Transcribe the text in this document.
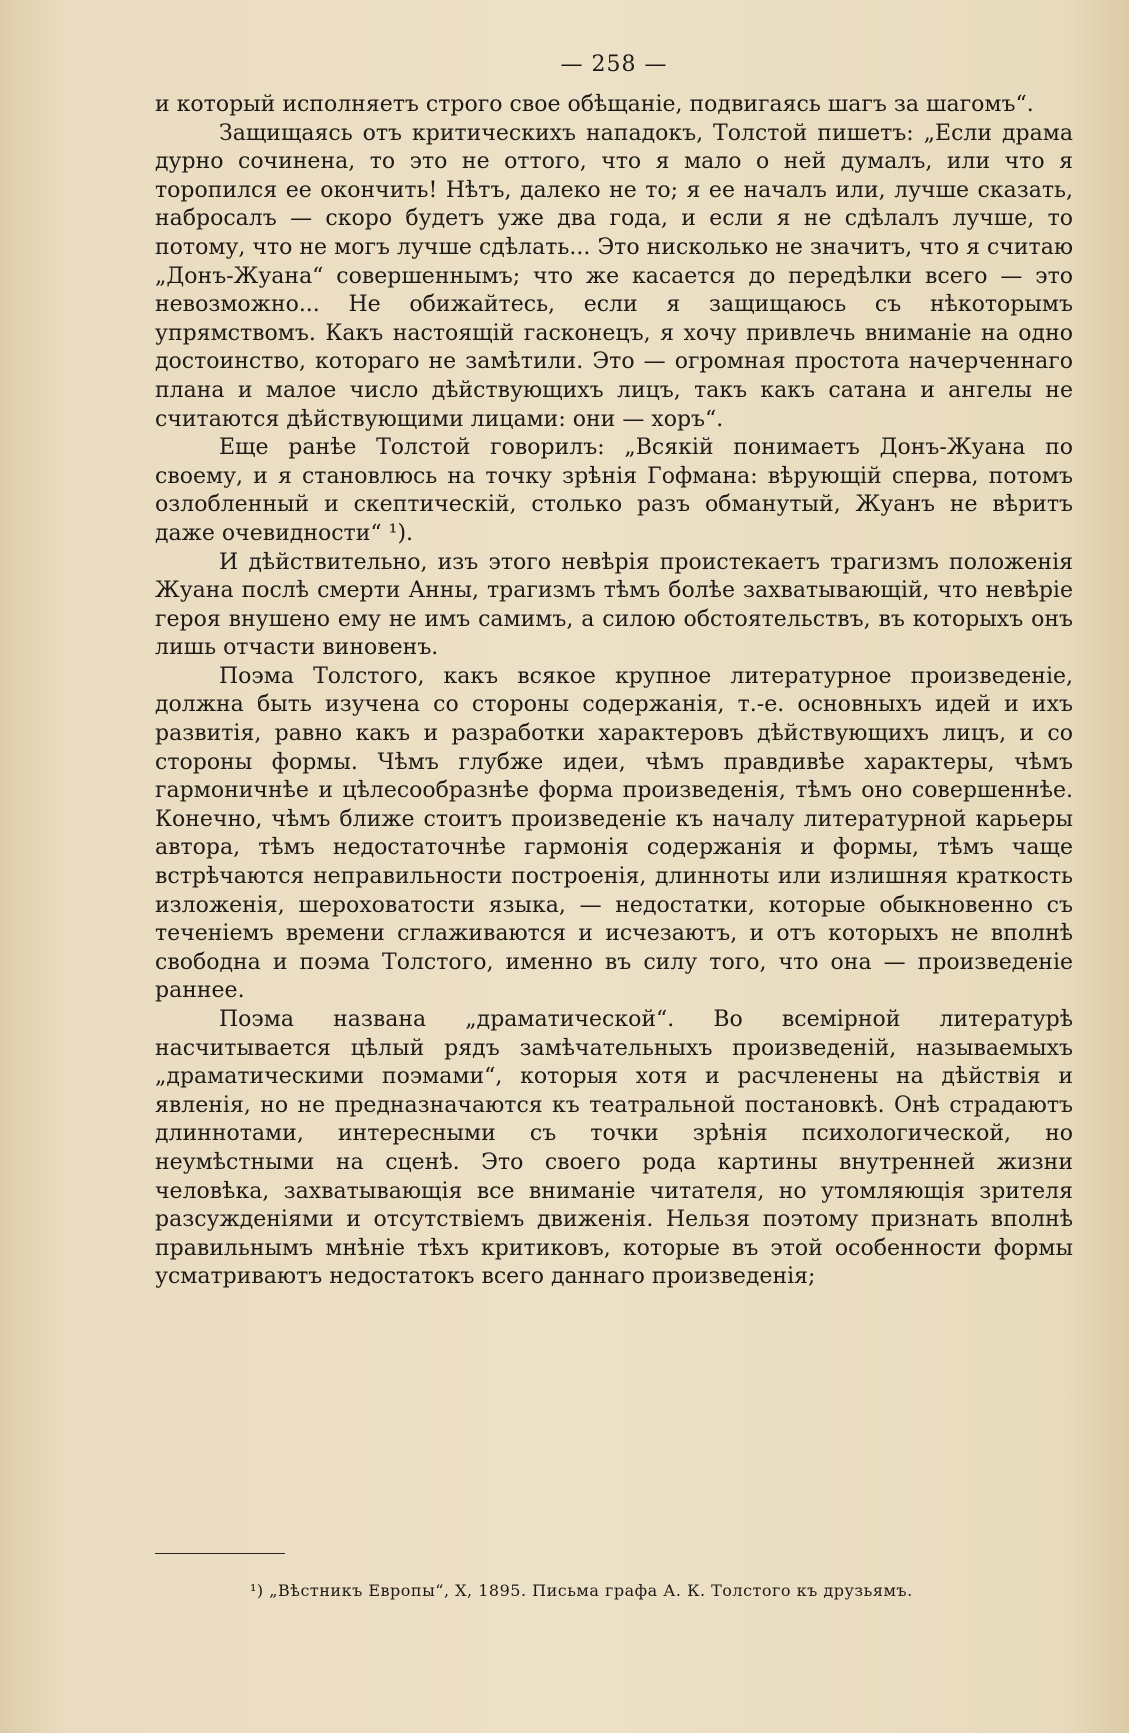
— 258 —

и который исполняетъ строго свое обѣщаніе, подвигаясь шагъ за шагомъ“.

Защищаясь отъ критическихъ нападокъ, Толстой пишетъ: „Если драма дурно сочинена, то это не оттого, что я мало о ней думалъ, или что я торопился ее окончить! Нѣтъ, далеко не то; я ее началъ или, лучше сказать, набросалъ — скоро будетъ уже два года, и если я не сдѣлалъ лучше, то потому, что не могъ лучше сдѣлать... Это нисколько не значитъ, что я считаю „Донъ-Жуана“ совершеннымъ; что же касается до передѣлки всего — это невозможно... Не обижайтесь, если я защищаюсь съ нѣкоторымъ упрямствомъ. Какъ настоящій гасконецъ, я хочу привлечь вниманіе на одно достоинство, котораго не замѣтили. Это — огромная простота начерченнаго плана и малое число дѣйствующихъ лицъ, такъ какъ сатана и ангелы не считаются дѣйствующими лицами: они — хоръ“.

Еще ранѣе Толстой говорилъ: „Всякій понимаетъ Донъ-Жуана по своему, и я становлюсь на точку зрѣнія Гофмана: вѣрующій сперва, потомъ озлобленный и скептическій, столько разъ обманутый, Жуанъ не вѣритъ даже очевидности“ ¹).

И дѣйствительно, изъ этого невѣрія проистекаетъ трагизмъ положенія Жуана послѣ смерти Анны, трагизмъ тѣмъ болѣе захватывающій, что невѣріе героя внушено ему не имъ самимъ, а силою обстоятельствъ, въ которыхъ онъ лишь отчасти виновенъ.

Поэма Толстого, какъ всякое крупное литературное произведеніе, должна быть изучена со стороны содержанія, т.-е. основныхъ идей и ихъ развитія, равно какъ и разработки характеровъ дѣйствующихъ лицъ, и со стороны формы. Чѣмъ глубже идеи, чѣмъ правдивѣе характеры, чѣмъ гармоничнѣе и цѣлесообразнѣе форма произведенія, тѣмъ оно совершеннѣе. Конечно, чѣмъ ближе стоитъ произведеніе къ началу литературной карьеры автора, тѣмъ недостаточнѣе гармонія содержанія и формы, тѣмъ чаще встрѣчаются неправильности построенія, длинноты или излишняя краткость изложенія, шероховатости языка, — недостатки, которые обыкновенно съ теченіемъ времени сглаживаются и исчезаютъ, и отъ которыхъ не вполнѣ свободна и поэма Толстого, именно въ силу того, что она — произведеніе раннее.

Поэма названа „драматической“. Во всемірной литературѣ насчитывается цѣлый рядъ замѣчательныхъ произведеній, называемыхъ „драматическими поэмами“, которыя хотя и расчленены на дѣйствія и явленія, но не предназначаются къ театральной постановкѣ. Онѣ страдаютъ длиннотами, интересными съ точки зрѣнія психологической, но неумѣстными на сценѣ. Это своего рода картины внутренней жизни человѣка, захватывающія все вниманіе читателя, но утомляющія зрителя разсужденіями и отсутствіемъ движенія. Нельзя поэтому признать вполнѣ правильнымъ мнѣніе тѣхъ критиковъ, которые въ этой особенности формы усматриваютъ недостатокъ всего даннаго произведенія;

¹) „Вѣстникъ Европы“, X, 1895. Письма графа А. К. Толстого къ друзьямъ.
